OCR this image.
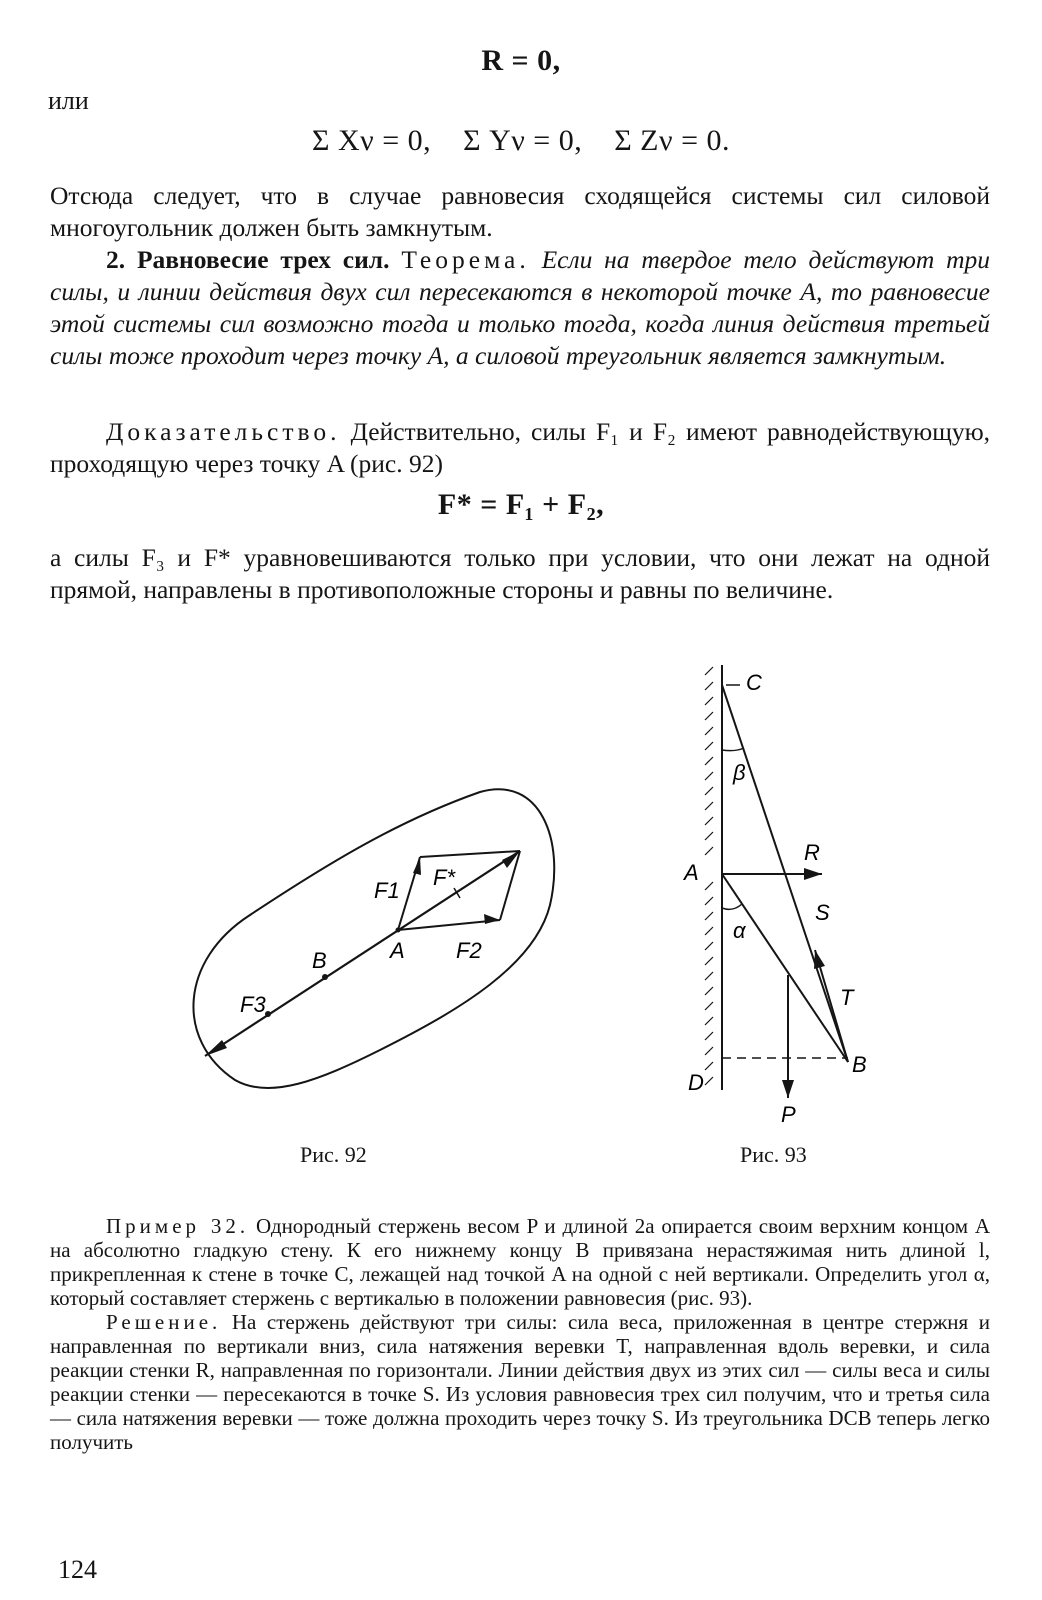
R = 0,
или
Σ Xν = 0,    Σ Yν = 0,    Σ Zν = 0.

Отсюда следует, что в случае равновесия сходящейся системы сил силовой многоугольник должен быть замкнутым.

2. Равновесие трех сил. Теорема. Если на твердое тело действуют три силы, и линии действия двух сил пересекаются в некоторой точке A, то равновесие этой системы сил возможно тогда и только тогда, когда линия действия третьей силы тоже проходит через точку A, а силовой треугольник является замкнутым.

Доказательство. Действительно, силы F₁ и F₂ имеют равнодействующую, проходящую через точку A (рис. 92)

F* = F₁ + F₂,

а силы F₃ и F* уравновешиваются только при условии, что они лежат на одной прямой, направлены в противоположные стороны и равны по величине.

F1
F*
F2
A
B
F3
Рис. 92
C
β
A
R
S
α
T
B
D
P
Рис. 93

Пример 32. Однородный стержень весом P и длиной 2a опирается своим верхним концом A на абсолютно гладкую стену. К его нижнему концу B привязана нерастяжимая нить длиной l, прикрепленная к стене в точке C, лежащей над точкой A на одной с ней вертикали. Определить угол α, который составляет стержень с вертикалью в положении равновесия (рис. 93).

Решение. На стержень действуют три силы: сила веса, приложенная в центре стержня и направленная по вертикали вниз, сила натяжения веревки T, направленная вдоль веревки, и сила реакции стенки R, направленная по горизонтали. Линии действия двух из этих сил — силы веса и силы реакции стенки — пересекаются в точке S. Из условия равновесия трех сил получим, что и третья сила — сила натяжения веревки — тоже должна проходить через точку S. Из треугольника DCB теперь легко получить

124
